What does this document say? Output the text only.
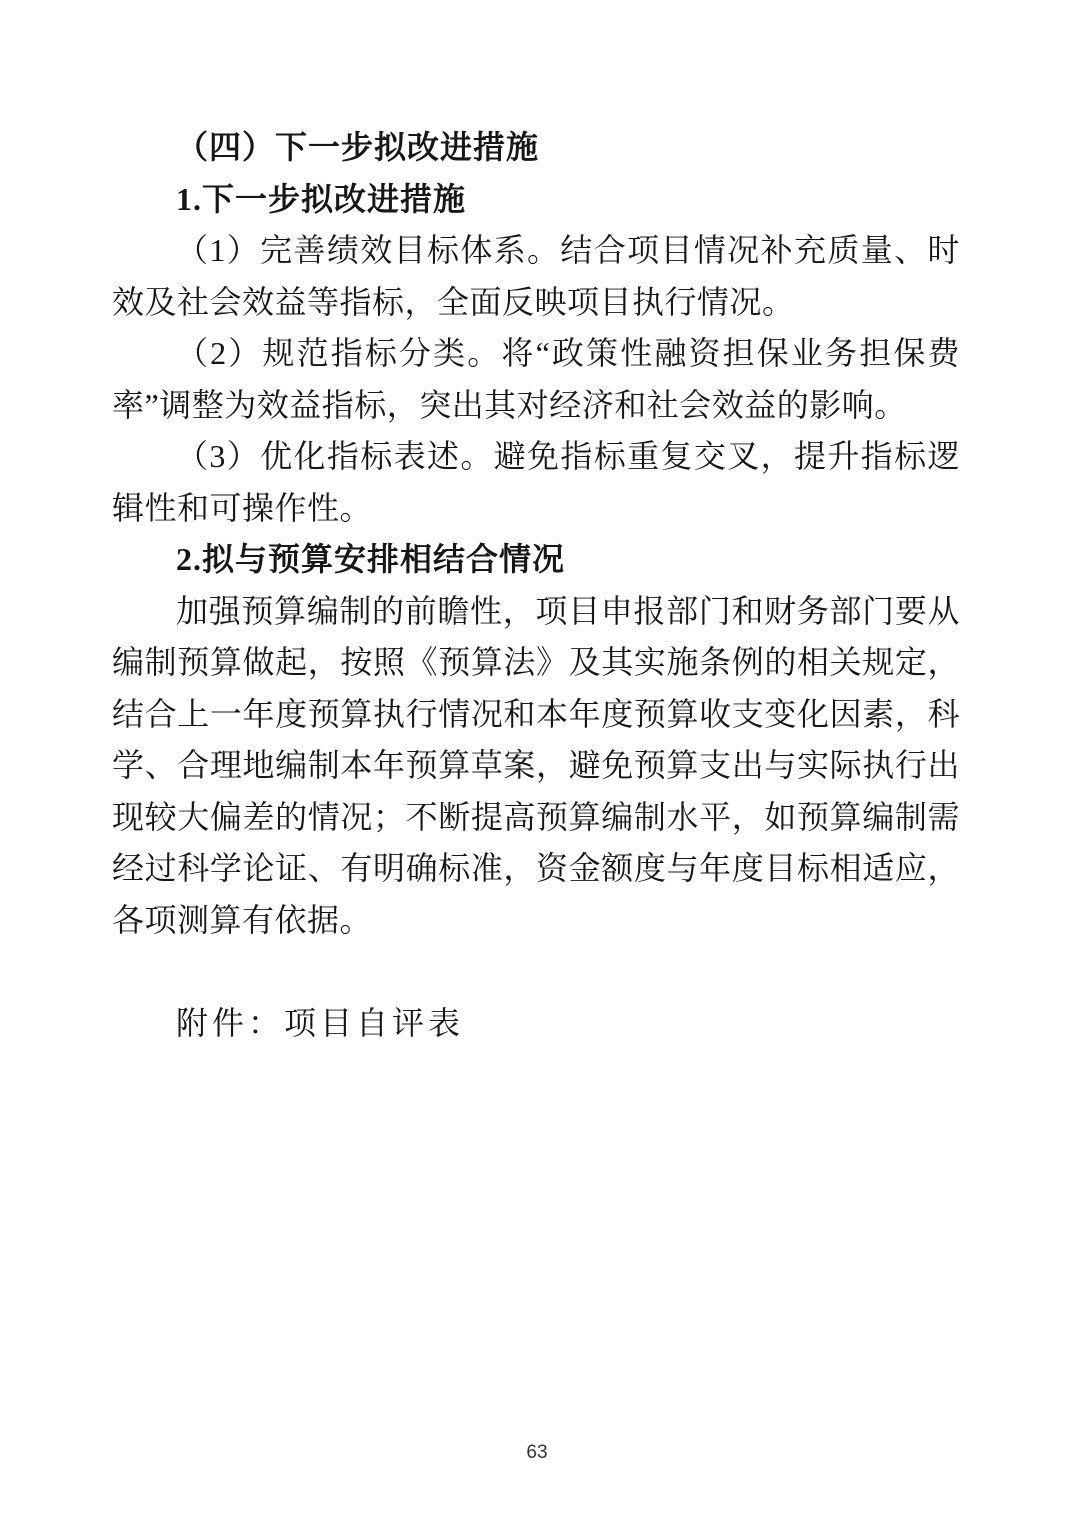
（四）下一步拟改进措施

1.下一步拟改进措施

（1）完善绩效目标体系。结合项目情况补充质量、时效及社会效益等指标，全面反映项目执行情况。

（2）规范指标分类。将“政策性融资担保业务担保费率”调整为效益指标，突出其对经济和社会效益的影响。

（3）优化指标表述。避免指标重复交叉，提升指标逻辑性和可操作性。

2.拟与预算安排相结合情况

加强预算编制的前瞻性，项目申报部门和财务部门要从编制预算做起，按照《预算法》及其实施条例的相关规定，结合上一年度预算执行情况和本年度预算收支变化因素，科学、合理地编制本年预算草案，避免预算支出与实际执行出现较大偏差的情况；不断提高预算编制水平，如预算编制需经过科学论证、有明确标准，资金额度与年度目标相适应，各项测算有依据。

附件：项目自评表

63
